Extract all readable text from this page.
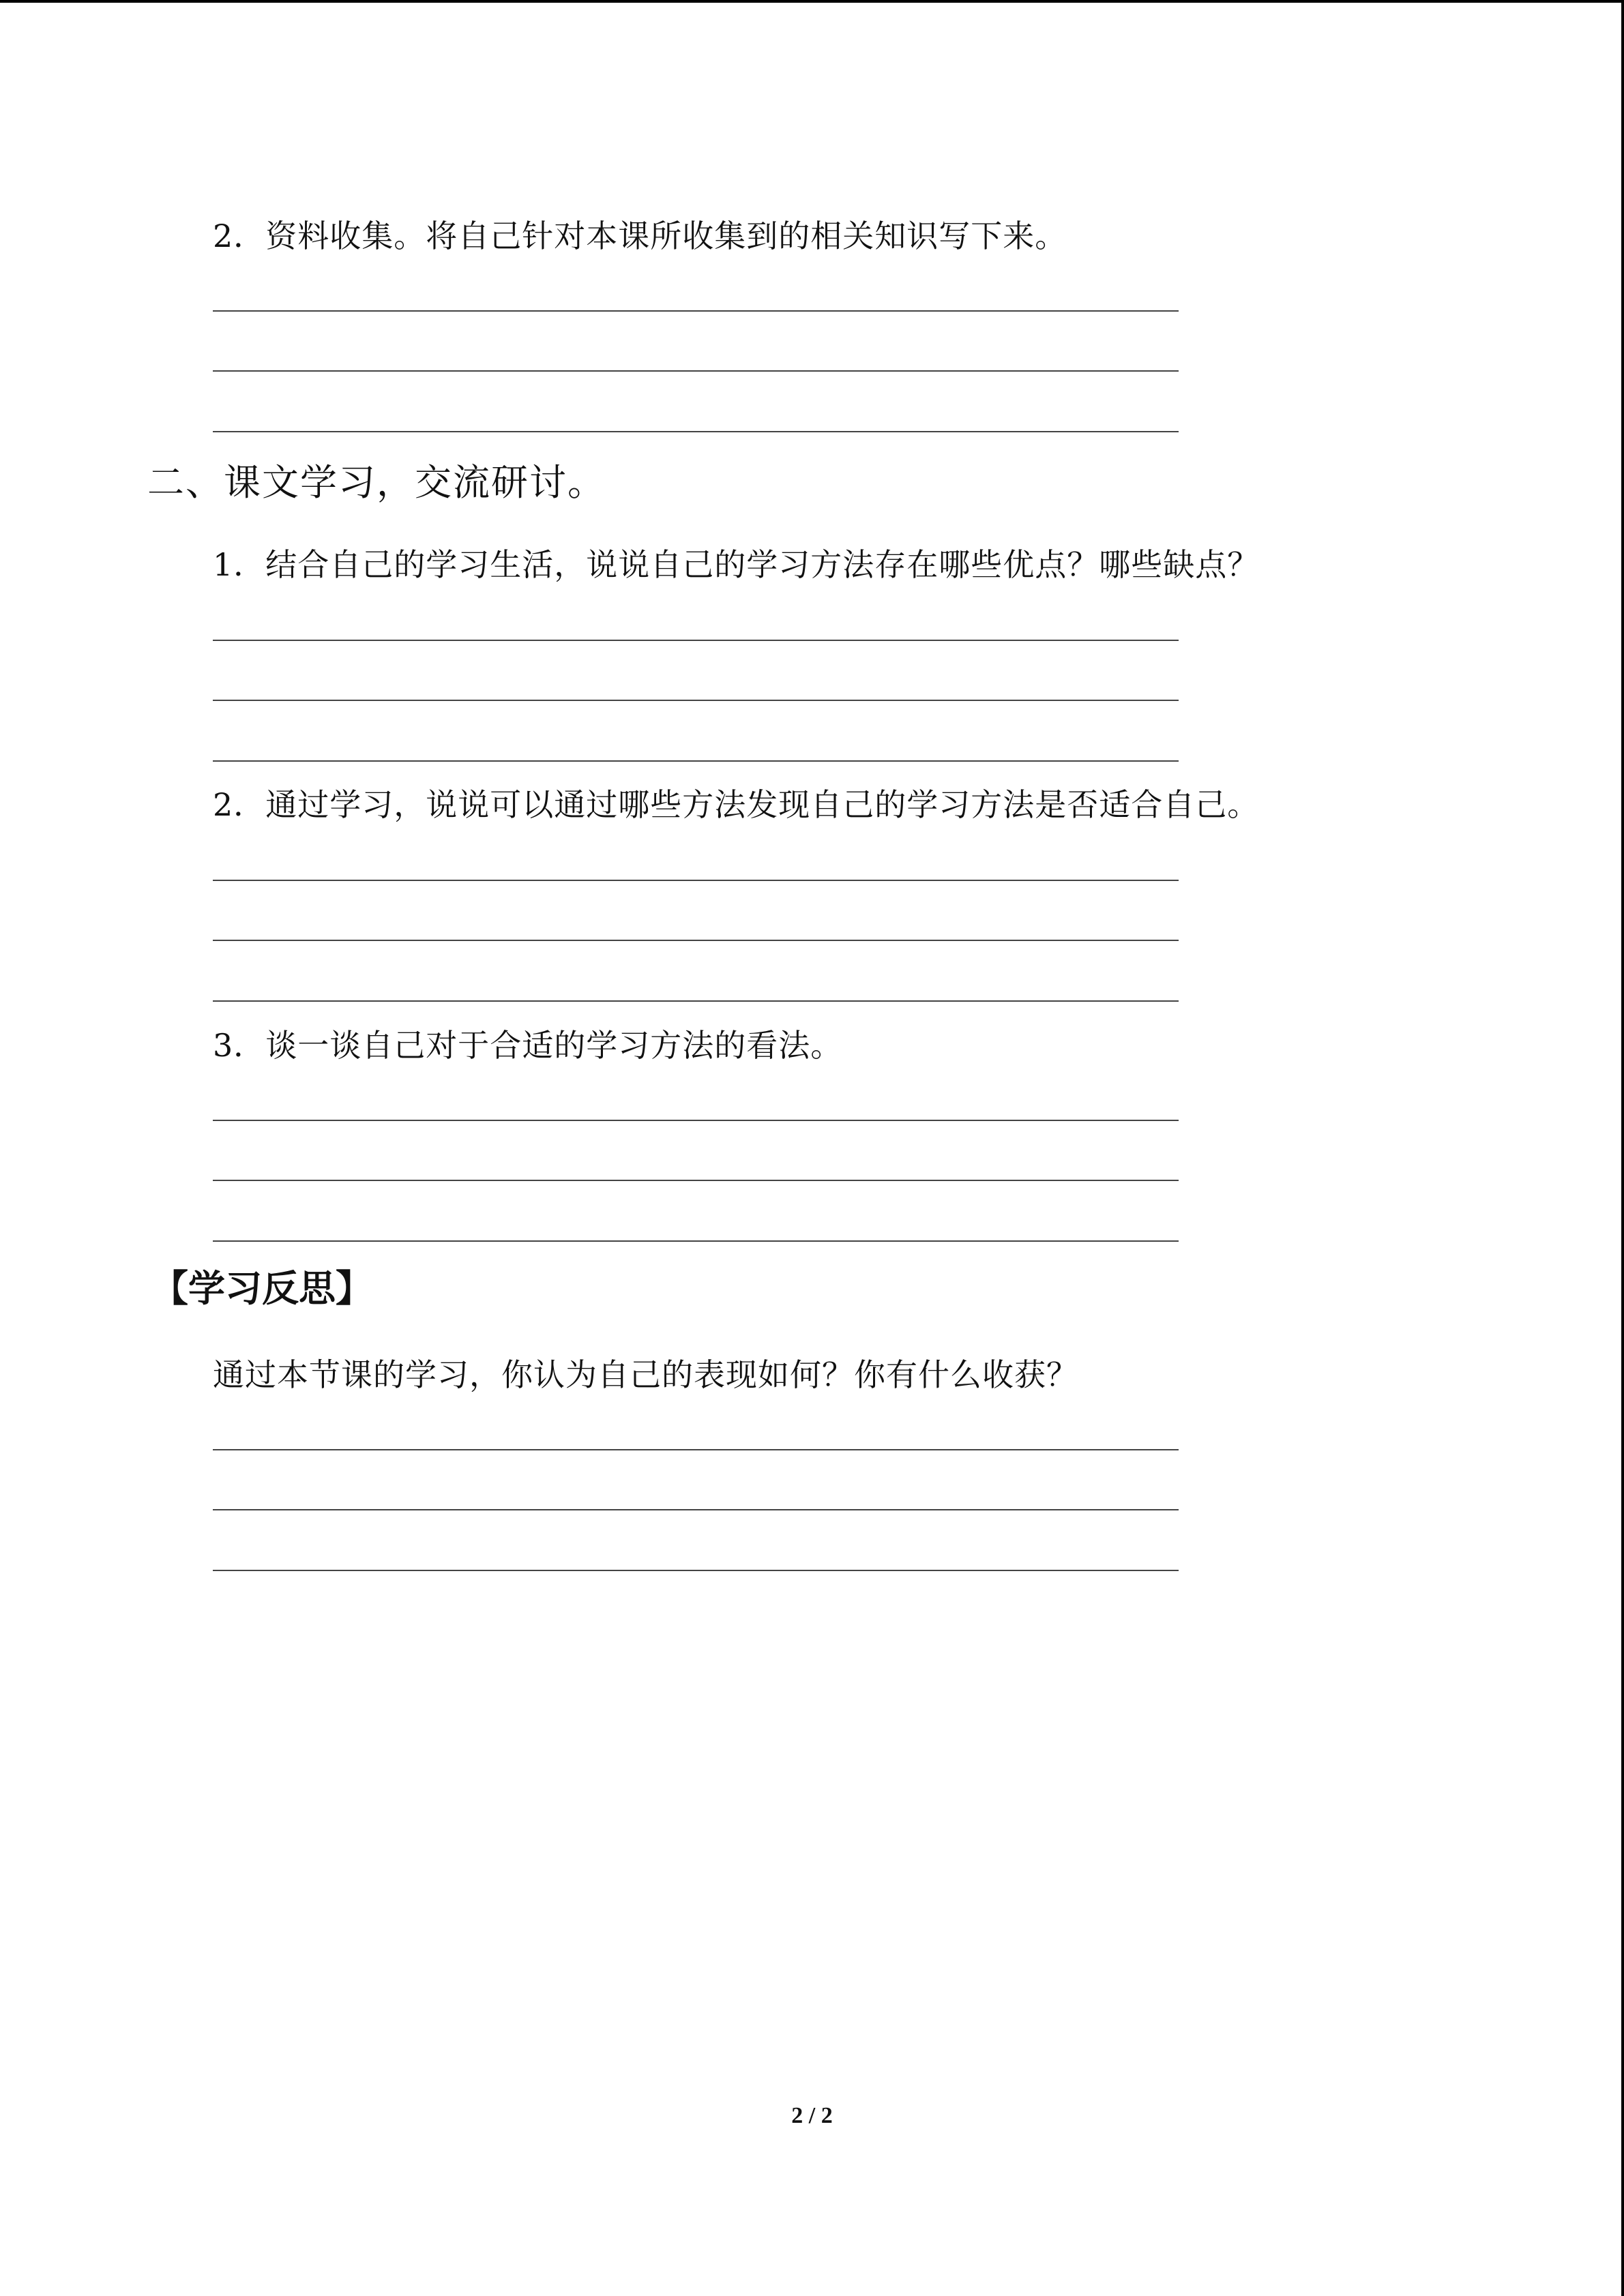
2．资料收集。将自己针对本课所收集到的相关知识写下来。
二、课文学习，交流研讨。
1．结合自己的学习生活，说说自己的学习方法存在哪些优点？哪些缺点？
2．通过学习，说说可以通过哪些方法发现自己的学习方法是否适合自己。
3．谈一谈自己对于合适的学习方法的看法。
【学习反思】
通过本节课的学习，你认为自己的表现如何？你有什么收获？
2 / 2
